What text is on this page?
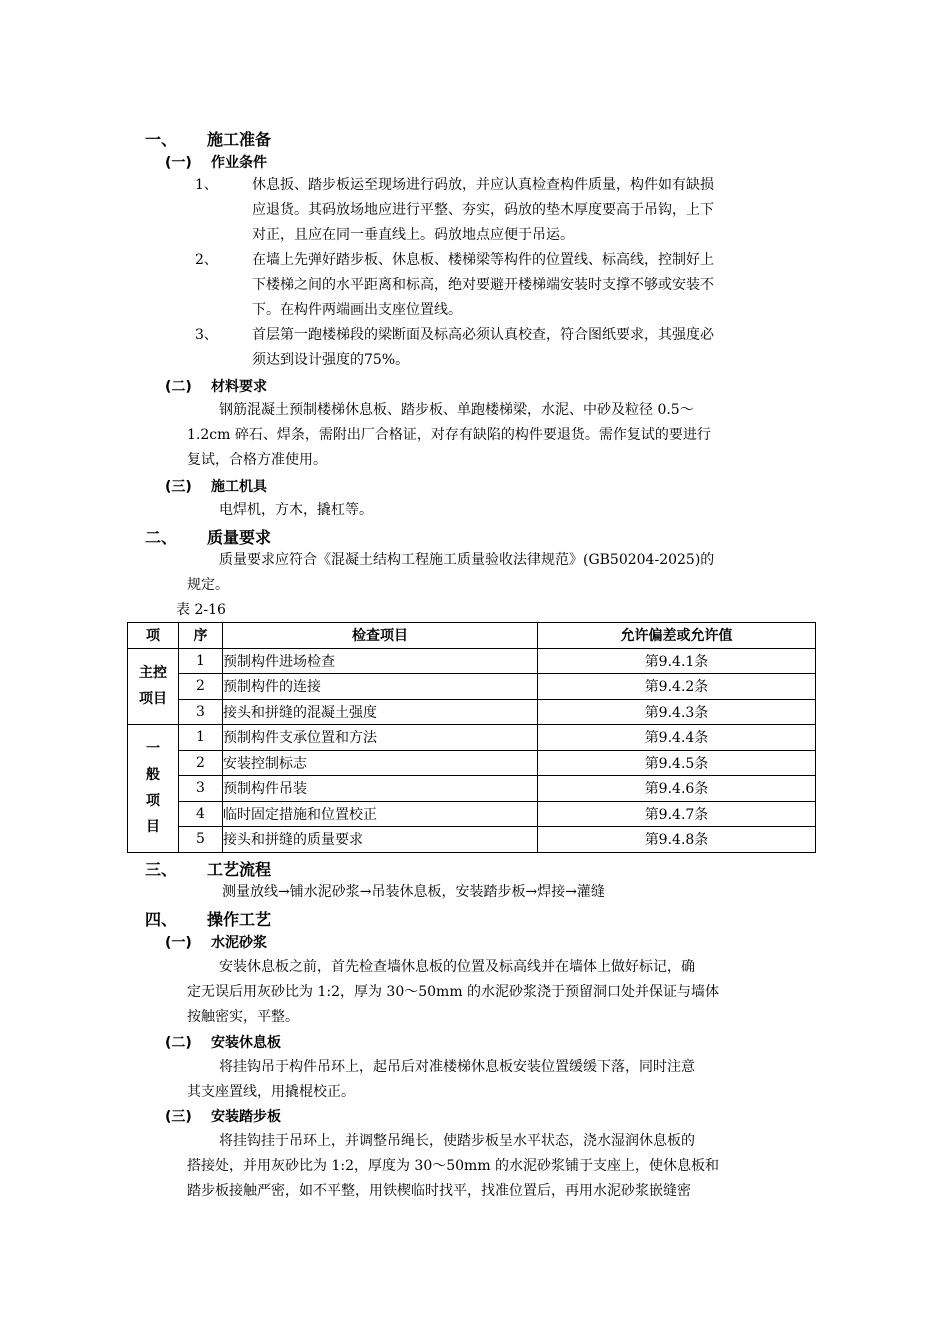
一、 施工准备
(一) 作业条件
1、 休息扳、踏步板运至现场进行码放，并应认真检查构件质量，构件如有缺损
应退货。其码放场地应进行平整、夯实，码放的垫木厚度要高于吊钩，上下
对正，且应在同一垂直线上。码放地点应便于吊运。
2、 在墙上先弹好踏步板、休息板、楼梯梁等构件的位置线、标高线，控制好上
下楼梯之间的水平距离和标高，绝对要避开楼梯端安装时支撑不够或安装不
下。在构件两端画出支座位置线。
3、 首层第一跑楼梯段的梁断面及标高必须认真校查，符合图纸要求，其强度必
须达到设计强度的75%。
(二) 材料要求
钢筋混凝土预制楼梯休息板、踏步板、单跑楼梯梁，水泥、中砂及粒径 0.5～
1.2cm 碎石、焊条，需附出厂合格证，对存有缺陷的构件要退货。需作复试的要进行
复试，合格方准使用。
(三) 施工机具
电焊机，方木，撬杠等。
二、 质量要求
质量要求应符合《混凝土结构工程施工质量验收法律规范》(GB50204-2025)的
规定。
表 2-16
项	序	检查项目	允许偏差或允许值

主控
项目	1	预制构件进场检查	第9.4.1条
	2	预制构件的连接	第9.4.2条
	3	接头和拼缝的混凝土强度	第9.4.3条

一
般
项
目	1	预制构件支承位置和方法	第9.4.4条
	2	安装控制标志	第9.4.5条
	3	预制构件吊装	第9.4.6条
	4	临时固定措施和位置校正	第9.4.7条
	5	接头和拼缝的质量要求	第9.4.8条
三、 工艺流程
测量放线→铺水泥砂浆→吊装休息板，安装踏步板→焊接→灌缝
四、 操作工艺
(一) 水泥砂浆
安装休息板之前，首先检查墙休息板的位置及标高线并在墙体上做好标记，确
定无误后用灰砂比为 1:2，厚为 30～50mm 的水泥砂浆浇于预留洞口处并保证与墙体
按触密实，平整。
(二) 安装休息板
将挂钩吊于构件吊环上，起吊后对准楼梯休息板安装位置缓缓下落，同时注意
其支座置线，用撬棍校正。
(三) 安装踏步板
将挂钩挂于吊环上，并调整吊绳长，使踏步板呈水平状态，浇水湿润休息板的
搭接处，并用灰砂比为 1:2，厚度为 30～50mm 的水泥砂浆铺于支座上，使休息板和
踏步板接触严密，如不平整，用铁楔临时找平，找准位置后，再用水泥砂浆嵌缝密
